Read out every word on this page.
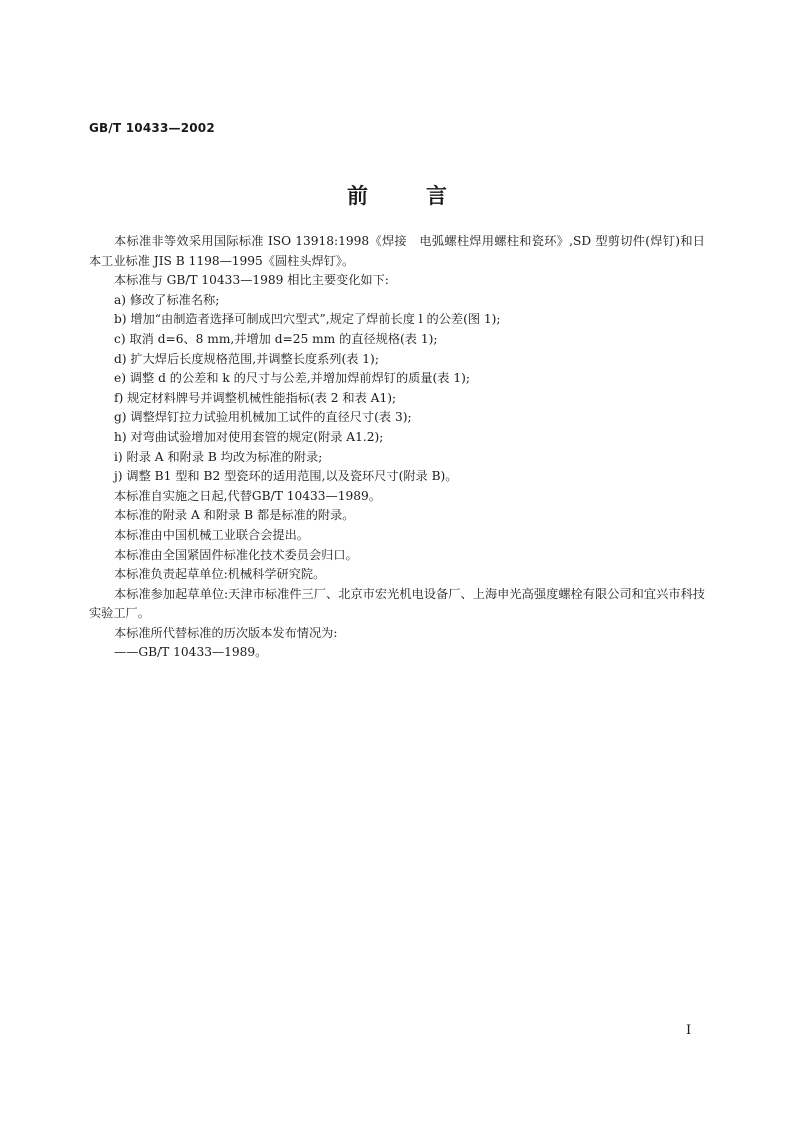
GB/T 10433—2002
前言

本标准非等效采用国际标准 ISO 13918:1998《焊接　电弧螺柱焊用螺柱和瓷环》,SD 型剪切件(焊钉)和日本工业标准 JIS B 1198—1995《圆柱头焊钉》。

本标准与 GB/T 10433—1989 相比主要变化如下:

a) 修改了标准名称;

b) 增加“由制造者选择可制成凹穴型式”,规定了焊前长度 l 的公差(图 1);

c) 取消 d=6、8 mm,并增加 d=25 mm 的直径规格(表 1);

d) 扩大焊后长度规格范围,并调整长度系列(表 1);

e) 调整 d 的公差和 k 的尺寸与公差,并增加焊前焊钉的质量(表 1);

f) 规定材料牌号并调整机械性能指标(表 2 和表 A1);

g) 调整焊钉拉力试验用机械加工试件的直径尺寸(表 3);

h) 对弯曲试验增加对使用套管的规定(附录 A1.2);

i) 附录 A 和附录 B 均改为标准的附录;

j) 调整 B1 型和 B2 型瓷环的适用范围,以及瓷环尺寸(附录 B)。

本标准自实施之日起,代替GB/T 10433—1989。

本标准的附录 A 和附录 B 都是标准的附录。

本标准由中国机械工业联合会提出。

本标准由全国紧固件标准化技术委员会归口。

本标准负责起草单位:机械科学研究院。

本标准参加起草单位:天津市标准件三厂、北京市宏光机电设备厂、上海申光高强度螺栓有限公司和宜兴市科技实验工厂。

本标准所代替标准的历次版本发布情况为:

——GB/T 10433—1989。

I
